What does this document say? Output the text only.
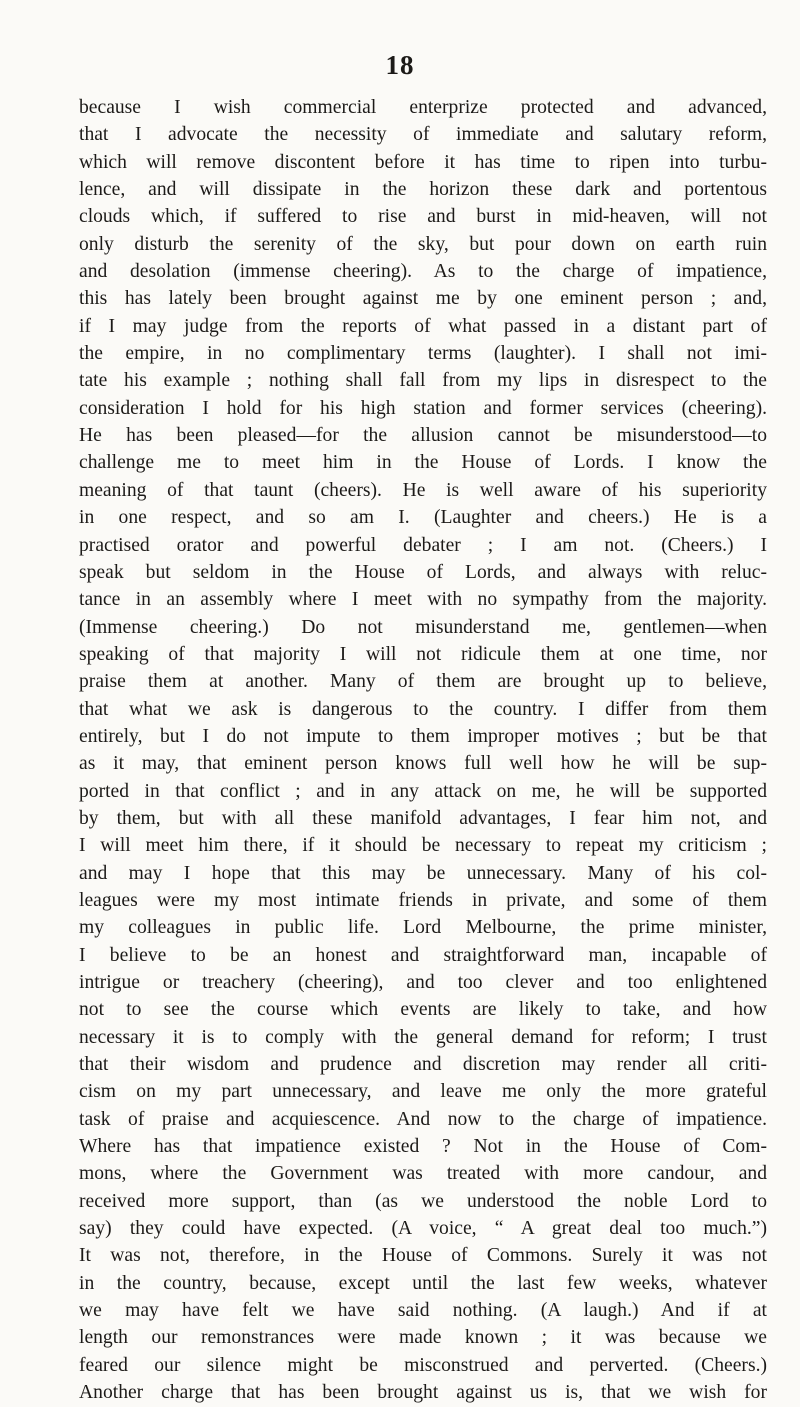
18
because I wish commercial enterprize protected and advanced,
that I advocate the necessity of immediate and salutary reform,
which will remove discontent before it has time to ripen into turbu-
lence, and will dissipate in the horizon these dark and portentous
clouds which, if suffered to rise and burst in mid-heaven, will not
only disturb the serenity of the sky, but pour down on earth ruin
and desolation (immense cheering). As to the charge of impatience,
this has lately been brought against me by one eminent person ; and,
if I may judge from the reports of what passed in a distant part of
the empire, in no complimentary terms (laughter). I shall not imi-
tate his example ; nothing shall fall from my lips in disrespect to the
consideration I hold for his high station and former services (cheering).
He has been pleased—for the allusion cannot be misunderstood—to
challenge me to meet him in the House of Lords. I know the
meaning of that taunt (cheers). He is well aware of his superiority
in one respect, and so am I. (Laughter and cheers.) He is a
practised orator and powerful debater ; I am not. (Cheers.) I
speak but seldom in the House of Lords, and always with reluc-
tance in an assembly where I meet with no sympathy from the majority.
(Immense cheering.) Do not misunderstand me, gentlemen—when
speaking of that majority I will not ridicule them at one time, nor
praise them at another. Many of them are brought up to believe,
that what we ask is dangerous to the country. I differ from them
entirely, but I do not impute to them improper motives ; but be that
as it may, that eminent person knows full well how he will be sup-
ported in that conflict ; and in any attack on me, he will be supported
by them, but with all these manifold advantages, I fear him not, and
I will meet him there, if it should be necessary to repeat my criticism ;
and may I hope that this may be unnecessary. Many of his col-
leagues were my most intimate friends in private, and some of them
my colleagues in public life. Lord Melbourne, the prime minister,
I believe to be an honest and straightforward man, incapable of
intrigue or treachery (cheering), and too clever and too enlightened
not to see the course which events are likely to take, and how
necessary it is to comply with the general demand for reform; I trust
that their wisdom and prudence and discretion may render all criti-
cism on my part unnecessary, and leave me only the more grateful
task of praise and acquiescence. And now to the charge of impatience.
Where has that impatience existed ? Not in the House of Com-
mons, where the Government was treated with more candour, and
received more support, than (as we understood the noble Lord to
say) they could have expected. (A voice, “ A great deal too much.”)
It was not, therefore, in the House of Commons. Surely it was not
in the country, because, except until the last few weeks, whatever
we may have felt we have said nothing. (A laugh.) And if at
length our remonstrances were made known ; it was because we
feared our silence might be misconstrued and perverted. (Cheers.)
Another charge that has been brought against us is, that we wish for
